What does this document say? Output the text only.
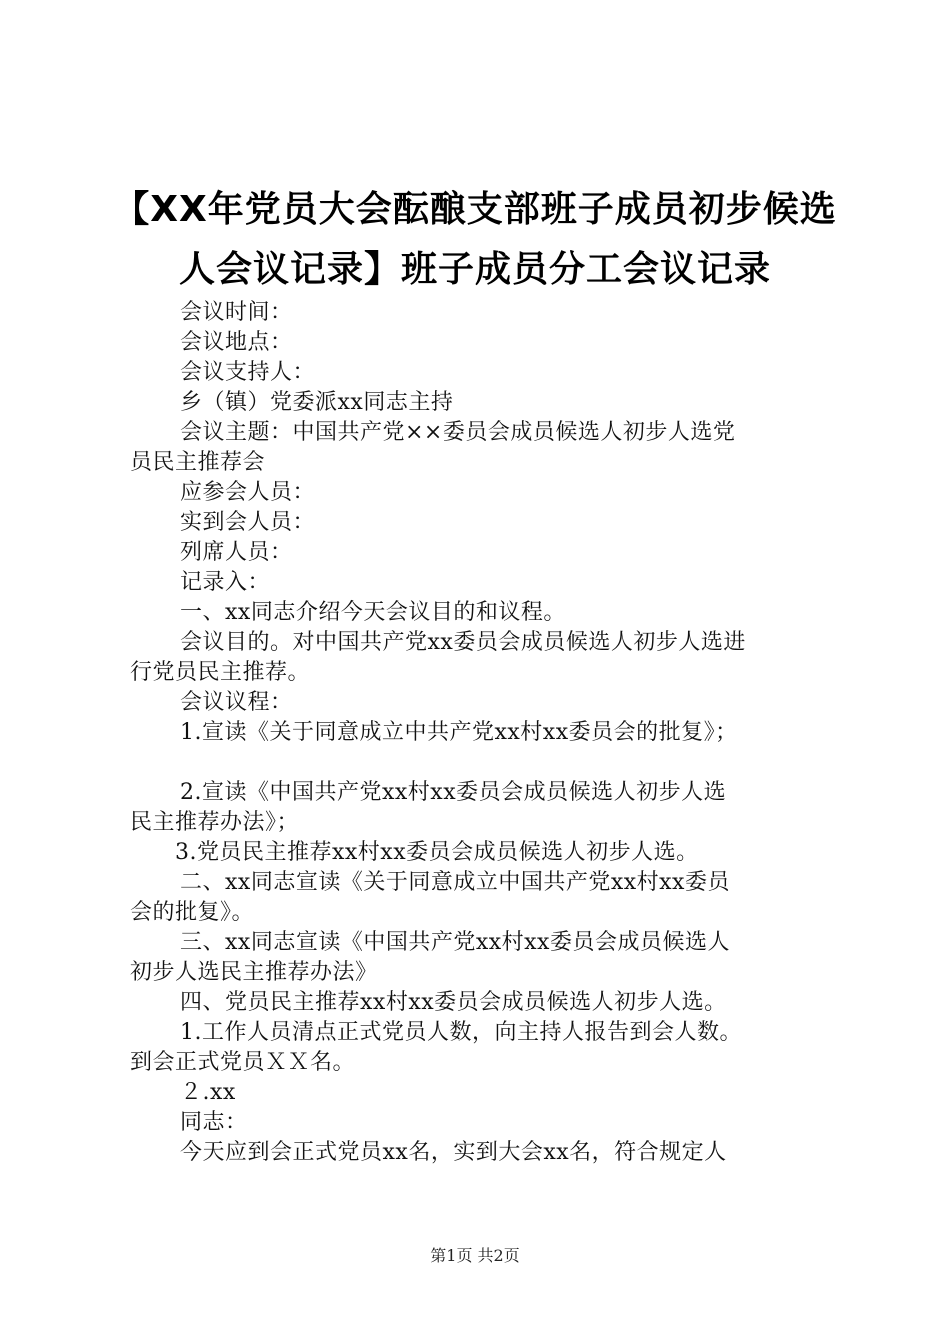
【XX年党员大会酝酿支部班子成员初步候选
人会议记录】班子成员分工会议记录
会议时间：
会议地点：
会议支持人：
乡（镇）党委派xx同志主持
会议主题：中国共产党××委员会成员候选人初步人选党
员民主推荐会
应参会人员：
实到会人员：
列席人员：
记录入：
一、xx同志介绍今天会议目的和议程。
会议目的。对中国共产党xx委员会成员候选人初步人选进
行党员民主推荐。
会议议程：
1.宣读《关于同意成立中共产党xx村xx委员会的批复》；
2.宣读《中国共产党xx村xx委员会成员候选人初步人选
民主推荐办法》；
3.党员民主推荐xx村xx委员会成员候选人初步人选。
二、xx同志宣读《关于同意成立中国共产党xx村xx委员
会的批复》。
三、xx同志宣读《中国共产党xx村xx委员会成员候选人
初步人选民主推荐办法》
四、党员民主推荐xx村xx委员会成员候选人初步人选。
1.工作人员清点正式党员人数，向主持人报告到会人数。
到会正式党员ＸＸ名。
２.xx
同志：
今天应到会正式党员xx名，实到大会xx名，符合规定人
第1页 共2页
